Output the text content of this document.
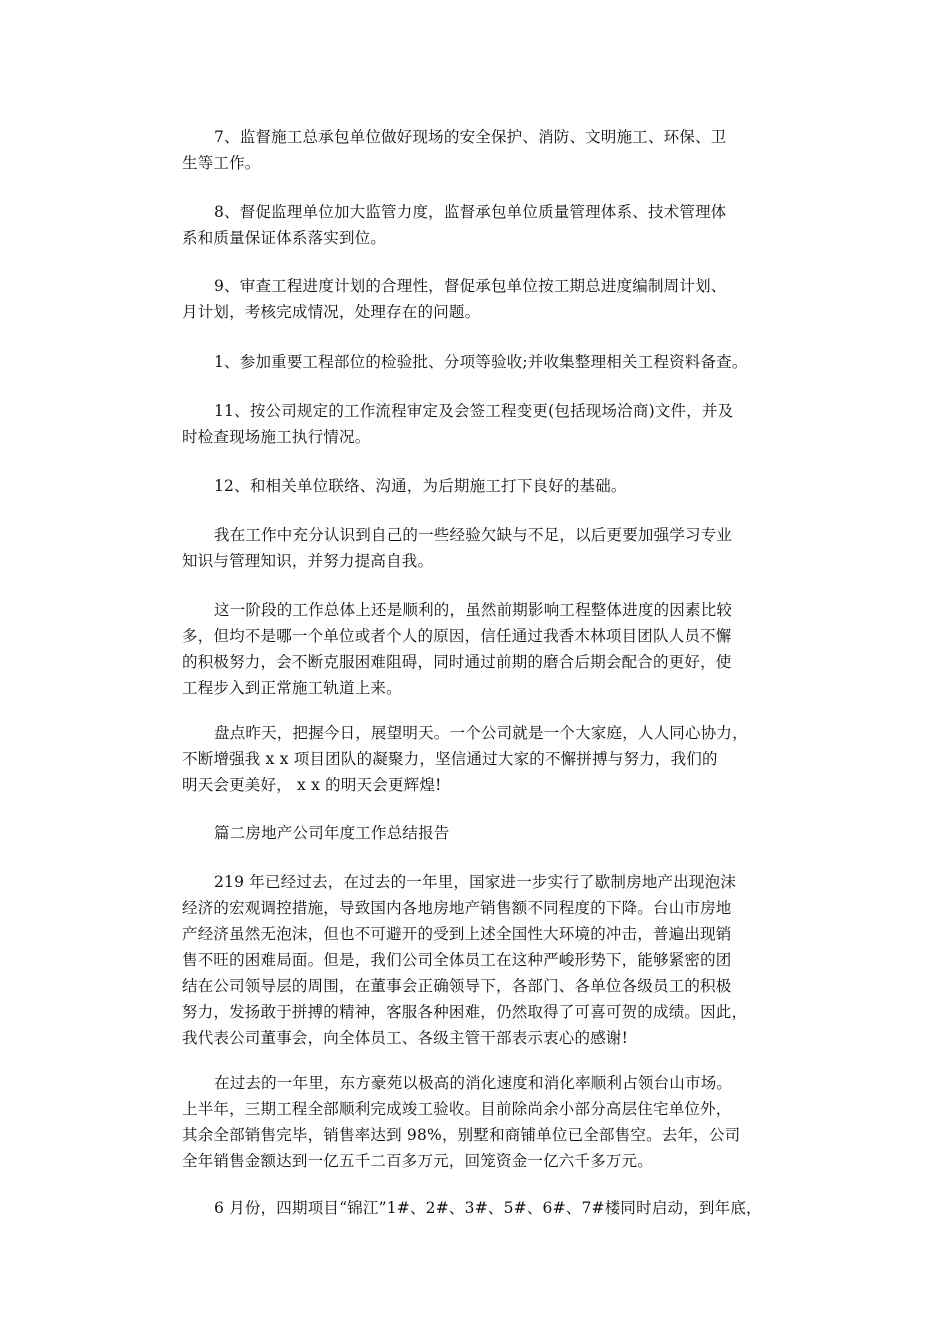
7、监督施工总承包单位做好现场的安全保护、消防、文明施工、环保、卫
生等工作。

8、督促监理单位加大监管力度，监督承包单位质量管理体系、技术管理体
系和质量保证体系落实到位。

9、审查工程进度计划的合理性，督促承包单位按工期总进度编制周计划、
月计划，考核完成情况，处理存在的问题。

1、参加重要工程部位的检验批、分项等验收;并收集整理相关工程资料备查。

11、按公司规定的工作流程审定及会签工程变更(包括现场洽商)文件，并及
时检查现场施工执行情况。

12、和相关单位联络、沟通，为后期施工打下良好的基础。

我在工作中充分认识到自己的一些经验欠缺与不足，以后更要加强学习专业
知识与管理知识，并努力提高自我。

这一阶段的工作总体上还是顺利的，虽然前期影响工程整体进度的因素比较
多，但均不是哪一个单位或者个人的原因，信任通过我香木林项目团队人员不懈
的积极努力，会不断克服困难阻碍，同时通过前期的磨合后期会配合的更好，使
工程步入到正常施工轨道上来。

盘点昨天，把握今日，展望明天。一个公司就是一个大家庭，人人同心协力，
不断增强我 x x 项目团队的凝聚力，坚信通过大家的不懈拼搏与努力，我们的
明天会更美好， x x 的明天会更辉煌!

篇二房地产公司年度工作总结报告

219 年已经过去，在过去的一年里，国家进一步实行了歇制房地产出现泡沫
经济的宏观调控措施，导致国内各地房地产销售额不同程度的下降。台山市房地
产经济虽然无泡沫，但也不可避开的受到上述全国性大环境的冲击，普遍出现销
售不旺的困难局面。但是，我们公司全体员工在这种严峻形势下，能够紧密的团
结在公司领导层的周围，在董事会正确领导下，各部门、各单位各级员工的积极
努力，发扬敢于拼搏的精神，客服各种困难，仍然取得了可喜可贺的成绩。因此，
我代表公司董事会，向全体员工、各级主管干部表示衷心的感谢!

在过去的一年里，东方豪苑以极高的消化速度和消化率顺利占领台山市场。
上半年，三期工程全部顺利完成竣工验收。目前除尚余小部分高层住宅单位外，
其余全部销售完毕，销售率达到 98%，别墅和商铺单位已全部售空。去年，公司
全年销售金额达到一亿五千二百多万元，回笼资金一亿六千多万元。

6 月份，四期项目“锦江”1#、2#、3#、5#、6#、7#楼同时启动，到年底，
